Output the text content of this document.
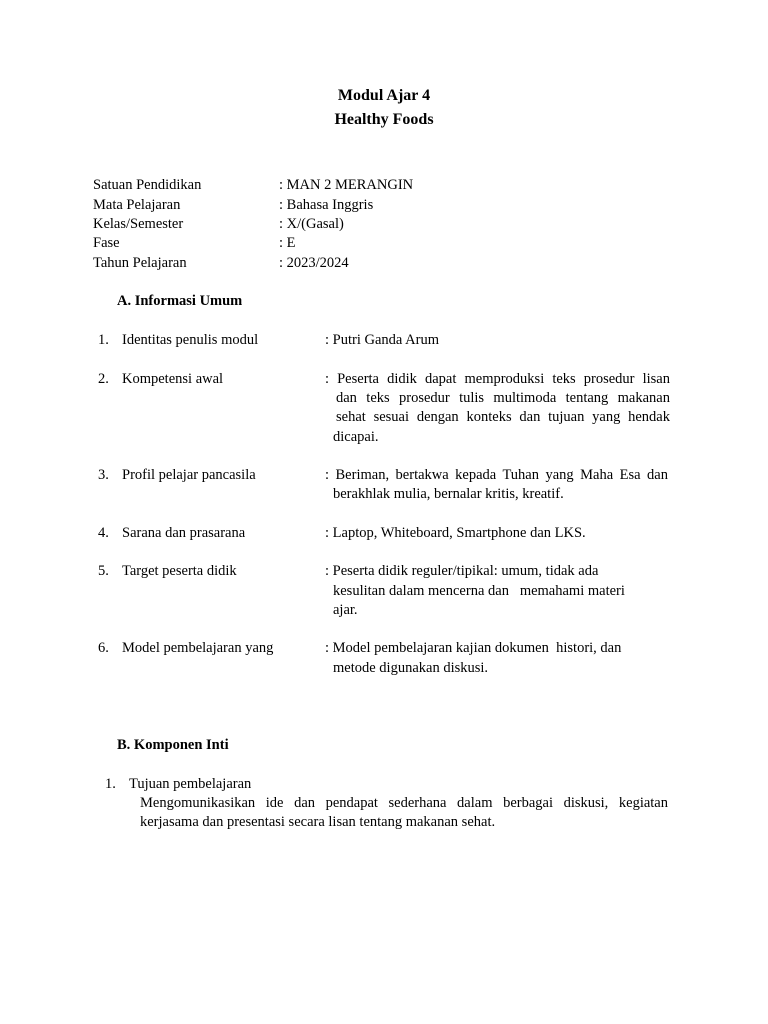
Modul Ajar 4
Healthy Foods
Satuan Pendidikan	: MAN 2 MERANGIN
Mata Pelajaran	: Bahasa Inggris
Kelas/Semester	: X/(Gasal)
Fase	: E
Tahun Pelajaran	: 2023/2024
A. Informasi Umum
1. Identitas penulis modul	: Putri Ganda Arum
2. Kompetensi awal	: Peserta didik dapat memproduksi teks prosedur lisan
dan teks prosedur tulis multimoda tentang makanan
sehat sesuai dengan konteks dan tujuan yang hendak
dicapai.
3. Profil pelajar pancasila	: Beriman, bertakwa kepada Tuhan yang Maha Esa dan
berakhlak mulia, bernalar kritis, kreatif.
4. Sarana dan prasarana	: Laptop, Whiteboard, Smartphone dan LKS.
5. Target peserta didik	: Peserta didik reguler/tipikal: umum, tidak ada
kesulitan dalam mencerna dan   memahami materi
ajar.
6. Model pembelajaran yang	: Model pembelajaran kajian dokumen  histori, dan
metode digunakan diskusi.
B. Komponen Inti
1. Tujuan pembelajaran
Mengomunikasikan ide dan pendapat sederhana dalam berbagai diskusi, kegiatan
kerjasama dan presentasi secara lisan tentang makanan sehat.
